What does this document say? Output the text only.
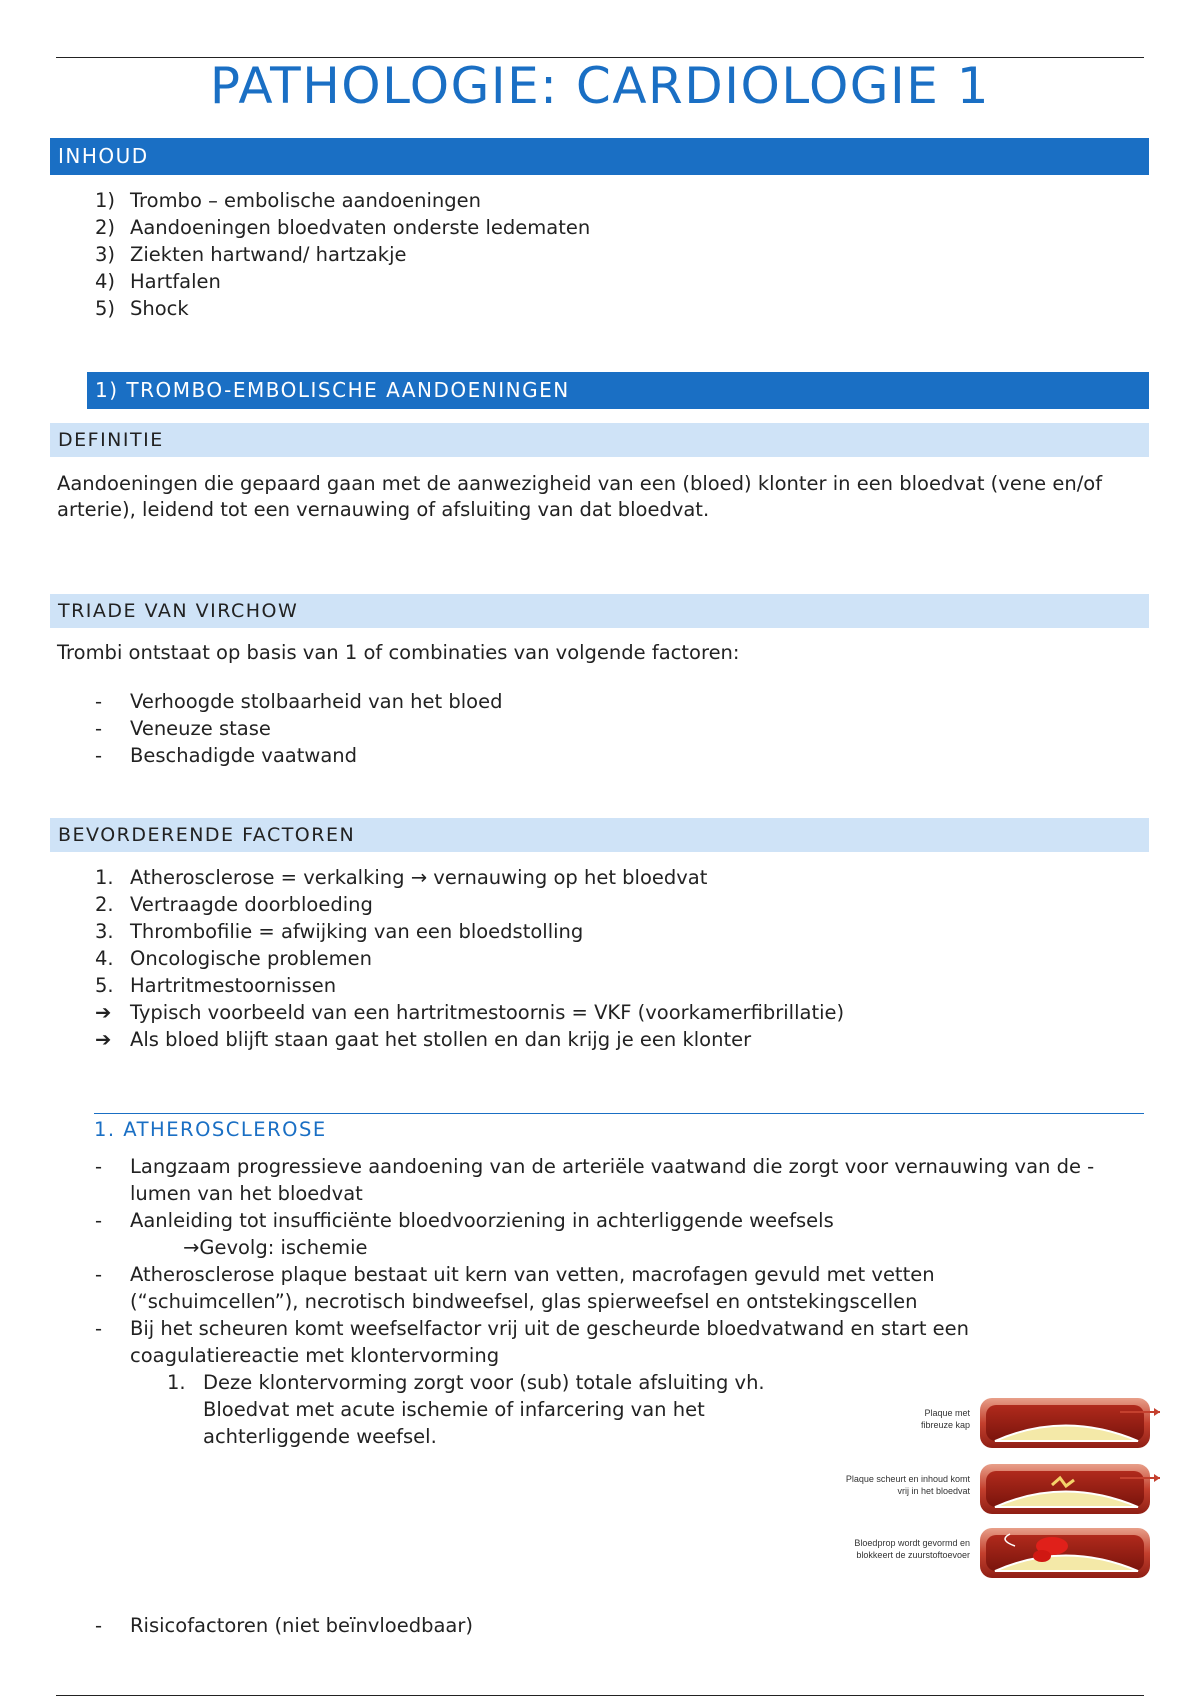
PATHOLOGIE: CARDIOLOGIE 1
INHOUD
1) Trombo – embolische aandoeningen
2) Aandoeningen bloedvaten onderste ledematen
3) Ziekten hartwand/ hartzakje
4) Hartfalen
5) Shock
1) TROMBO-EMBOLISCHE AANDOENINGEN
DEFINITIE
Aandoeningen die gepaard gaan met de aanwezigheid van een (bloed) klonter in een bloedvat (vene en/of arterie), leidend tot een vernauwing of afsluiting van dat bloedvat.
TRIADE VAN VIRCHOW
Trombi ontstaat op basis van 1 of combinaties van volgende factoren:
- Verhoogde stolbaarheid van het bloed
- Veneuze stase
- Beschadigde vaatwand
BEVORDERENDE FACTOREN
1. Atherosclerose = verkalking → vernauwing op het bloedvat
2. Vertraagde doorbloeding
3. Thrombofilie = afwijking van een bloedstolling
4. Oncologische problemen
5. Hartritmestoornissen
➔ Typisch voorbeeld van een hartritmestoornis = VKF (voorkamerfibrillatie)
➔ Als bloed blijft staan gaat het stollen en dan krijg je een klonter
1. ATHEROSCLEROSE
- Langzaam progressieve aandoening van de arteriële vaatwand die zorgt voor vernauwing van de -
lumen van het bloedvat
- Aanleiding tot insufficiënte bloedvoorziening in achterliggende weefsels
→Gevolg: ischemie
- Atherosclerose plaque bestaat uit kern van vetten, macrofagen gevuld met vetten
(“schuimcellen”), necrotisch bindweefsel, glas spierweefsel en ontstekingscellen
- Bij het scheuren komt weefselfactor vrij uit de gescheurde bloedvatwand en start een
coagulatiereactie met klontervorming
1. Deze klontervorming zorgt voor (sub) totale afsluiting vh.
Bloedvat met acute ischemie of infarcering van het
achterliggende weefsel.
Plaque met
fibreuze kap
Plaque scheurt en inhoud komt
vrij in het bloedvat
Bloedprop wordt gevormd en
blokkeert de zuurstoftoevoer
- Risicofactoren (niet beïnvloedbaar)
